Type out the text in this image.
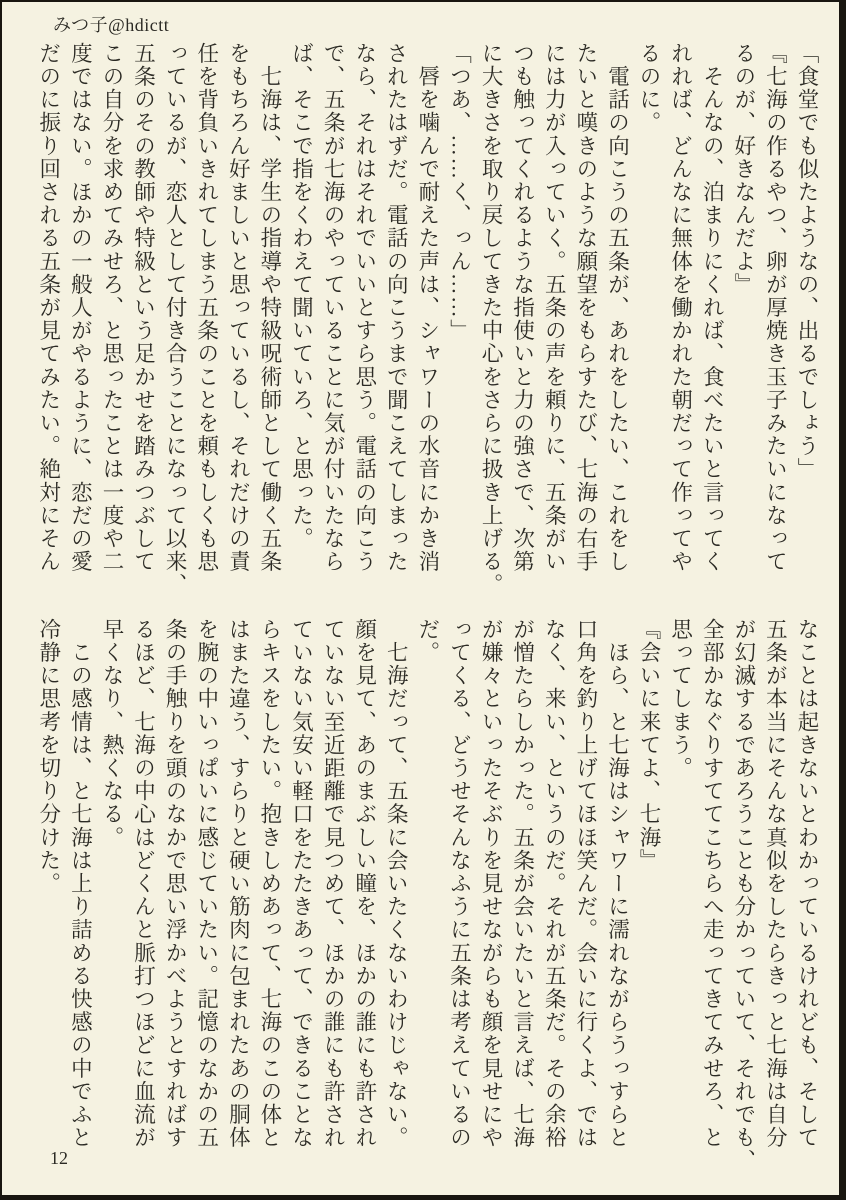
みつ子@hdictt
「食堂でも似たようなの、出るでしょう」
『七海の作るやつ、卵が厚焼き玉子みたいになって
るのが、好きなんだよ』
　そんなの、泊まりにくれば、食べたいと言ってく
れれば、どんなに無体を働かれた朝だって作ってや
るのに。
　電話の向こうの五条が、あれをしたい、これをし
たいと嘆きのような願望をもらすたび、七海の右手
には力が入っていく。五条の声を頼りに、五条がい
つも触ってくれるような指使いと力の強さで、次第
に大きさを取り戻してきた中心をさらに扱き上げる。
「つあ、……く、っん……」
　唇を噛んで耐えた声は、シャワーの水音にかき消
されたはずだ。電話の向こうまで聞こえてしまった
なら、それはそれでいいとすら思う。電話の向こう
で、五条が七海のやっていることに気が付いたなら
ば、そこで指をくわえて聞いていろ、と思った。
　七海は、学生の指導や特級呪術師として働く五条
をもちろん好ましいと思っているし、それだけの責
任を背負いきれてしまう五条のことを頼もしくも思
っているが、恋人として付き合うことになって以来、
五条のその教師や特級という足かせを踏みつぶして
この自分を求めてみせろ、と思ったことは一度や二
度ではない。ほかの一般人がやるように、恋だの愛
だのに振り回される五条が見てみたい。絶対にそん
なことは起きないとわかっているけれども、そして
五条が本当にそんな真似をしたらきっと七海は自分
が幻滅するであろうことも分かっていて、それでも、
全部かなぐりすててこちらへ走ってきてみせろ、と
思ってしまう。
『会いに来てよ、七海』
　ほら、と七海はシャワーに濡れながらうっすらと
口角を釣り上げてほほ笑んだ。会いに行くよ、では
なく、来い、というのだ。それが五条だ。その余裕
が憎たらしかった。五条が会いたいと言えば、七海
が嫌々といったそぶりを見せながらも顔を見せにや
ってくる、どうせそんなふうに五条は考えているの
だ。
　七海だって、五条に会いたくないわけじゃない。
顔を見て、あのまぶしい瞳を、ほかの誰にも許され
ていない至近距離で見つめて、ほかの誰にも許され
ていない気安い軽口をたたきあって、できることな
らキスをしたい。抱きしめあって、七海のこの体と
はまた違う、すらりと硬い筋肉に包まれたあの胴体
を腕の中いっぱいに感じていたい。記憶のなかの五
条の手触りを頭のなかで思い浮かべようとすればす
るほど、七海の中心はどくんと脈打つほどに血流が
早くなり、熱くなる。
　この感情は、と七海は上り詰める快感の中でふと
冷静に思考を切り分けた。
12
